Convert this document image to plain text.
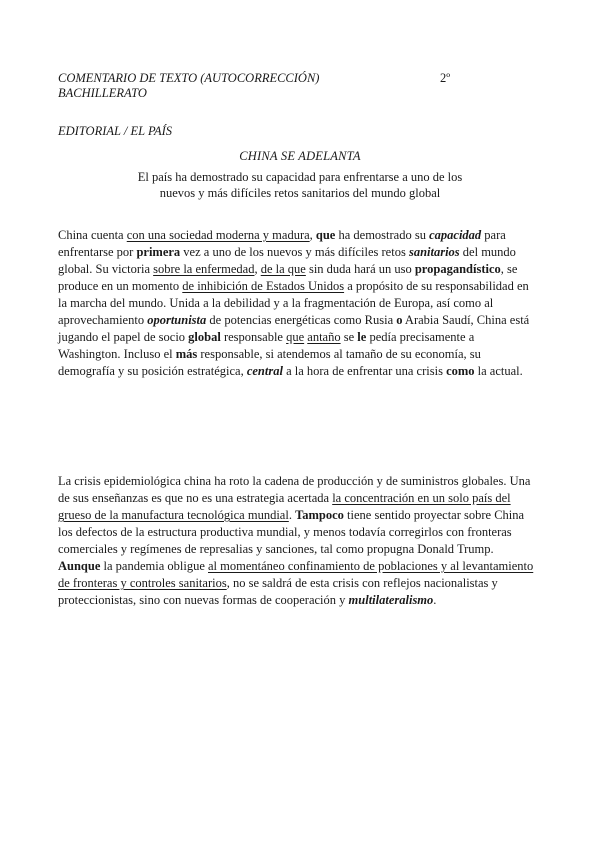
COMENTARIO DE TEXTO (AUTOCORRECCIÓN)	2º
BACHILLERATO
EDITORIAL / EL PAÍS
CHINA SE ADELANTA
El país ha demostrado su capacidad para enfrentarse a uno de los nuevos y más difíciles retos sanitarios del mundo global
China cuenta con una sociedad moderna y madura, que ha demostrado su capacidad para enfrentarse por primera vez a uno de los nuevos y más difíciles retos sanitarios del mundo global. Su victoria sobre la enfermedad, de la que sin duda hará un uso propagandístico, se produce en un momento de inhibición de Estados Unidos a propósito de su responsabilidad en la marcha del mundo. Unida a la debilidad y a la fragmentación de Europa, así como al aprovechamiento oportunista de potencias energéticas como Rusia o Arabia Saudí, China está jugando el papel de socio global responsable que antaño se le pedía precisamente a Washington. Incluso el más responsable, si atendemos al tamaño de su economía, su demografía y su posición estratégica, central a la hora de enfrentar una crisis como la actual.
La crisis epidemiológica china ha roto la cadena de producción y de suministros globales. Una de sus enseñanzas es que no es una estrategia acertada la concentración en un solo país del grueso de la manufactura tecnológica mundial. Tampoco tiene sentido proyectar sobre China los defectos de la estructura productiva mundial, y menos todavía corregirlos con fronteras comerciales y regímenes de represalias y sanciones, tal como propugna Donald Trump. Aunque la pandemia obligue al momentáneo confinamiento de poblaciones y al levantamiento de fronteras y controles sanitarios, no se saldrá de esta crisis con reflejos nacionalistas y proteccionistas, sino con nuevas formas de cooperación y multilateralismo.
